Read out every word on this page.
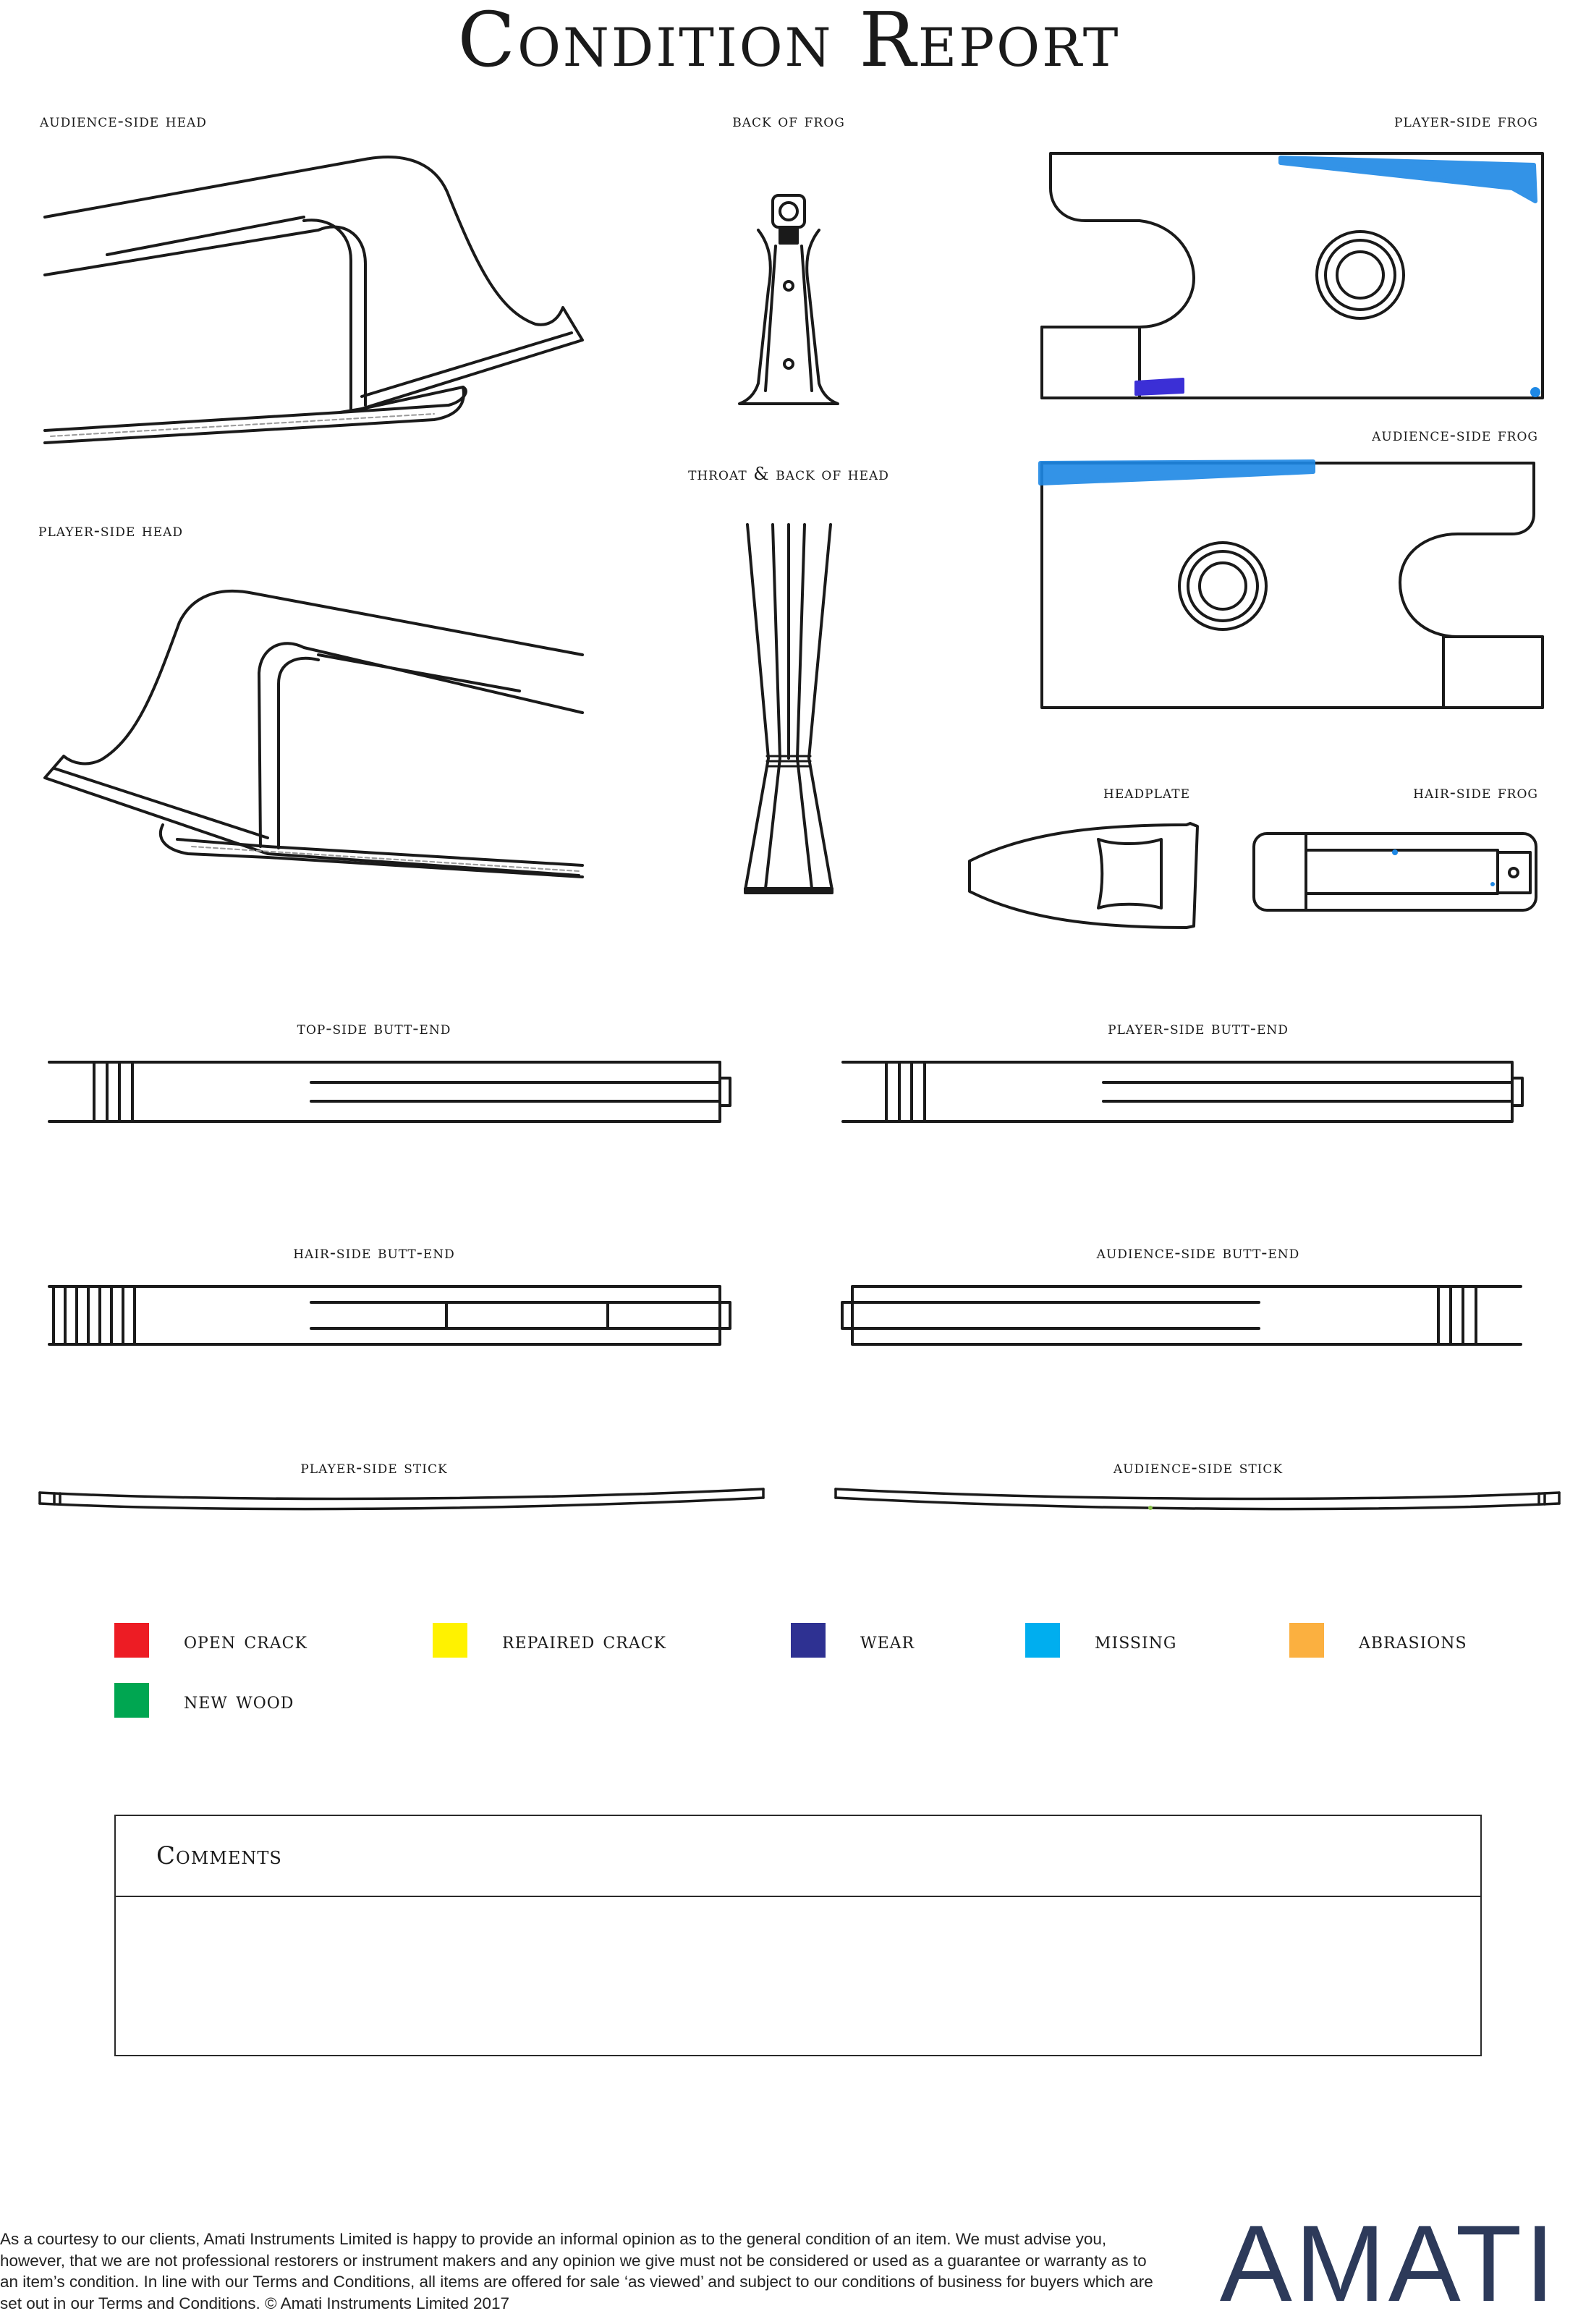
Condition Report
audience-side head	back of frog	player-side frog
throat & back of head
audience-side frog
player-side head
headplate	hair-side frog
top-side butt-end	player-side butt-end
hair-side butt-end	audience-side butt-end
player-side stick	audience-side stick
open crack	repaired crack	wear	missing	abrasions
new wood
Comments
As a courtesy to our clients, Amati Instruments Limited is happy to provide an informal opinion as to the general condition of an item. We must advise you, however, that we are not professional restorers or instrument makers and any opinion we give must not be considered or used as a guarantee or warranty as to an item’s condition. In line with our Terms and Conditions, all items are offered for sale ‘as viewed’ and subject to our conditions of business for buyers which are set out in our Terms and Conditions. © Amati Instruments Limited 2017	AMATI
